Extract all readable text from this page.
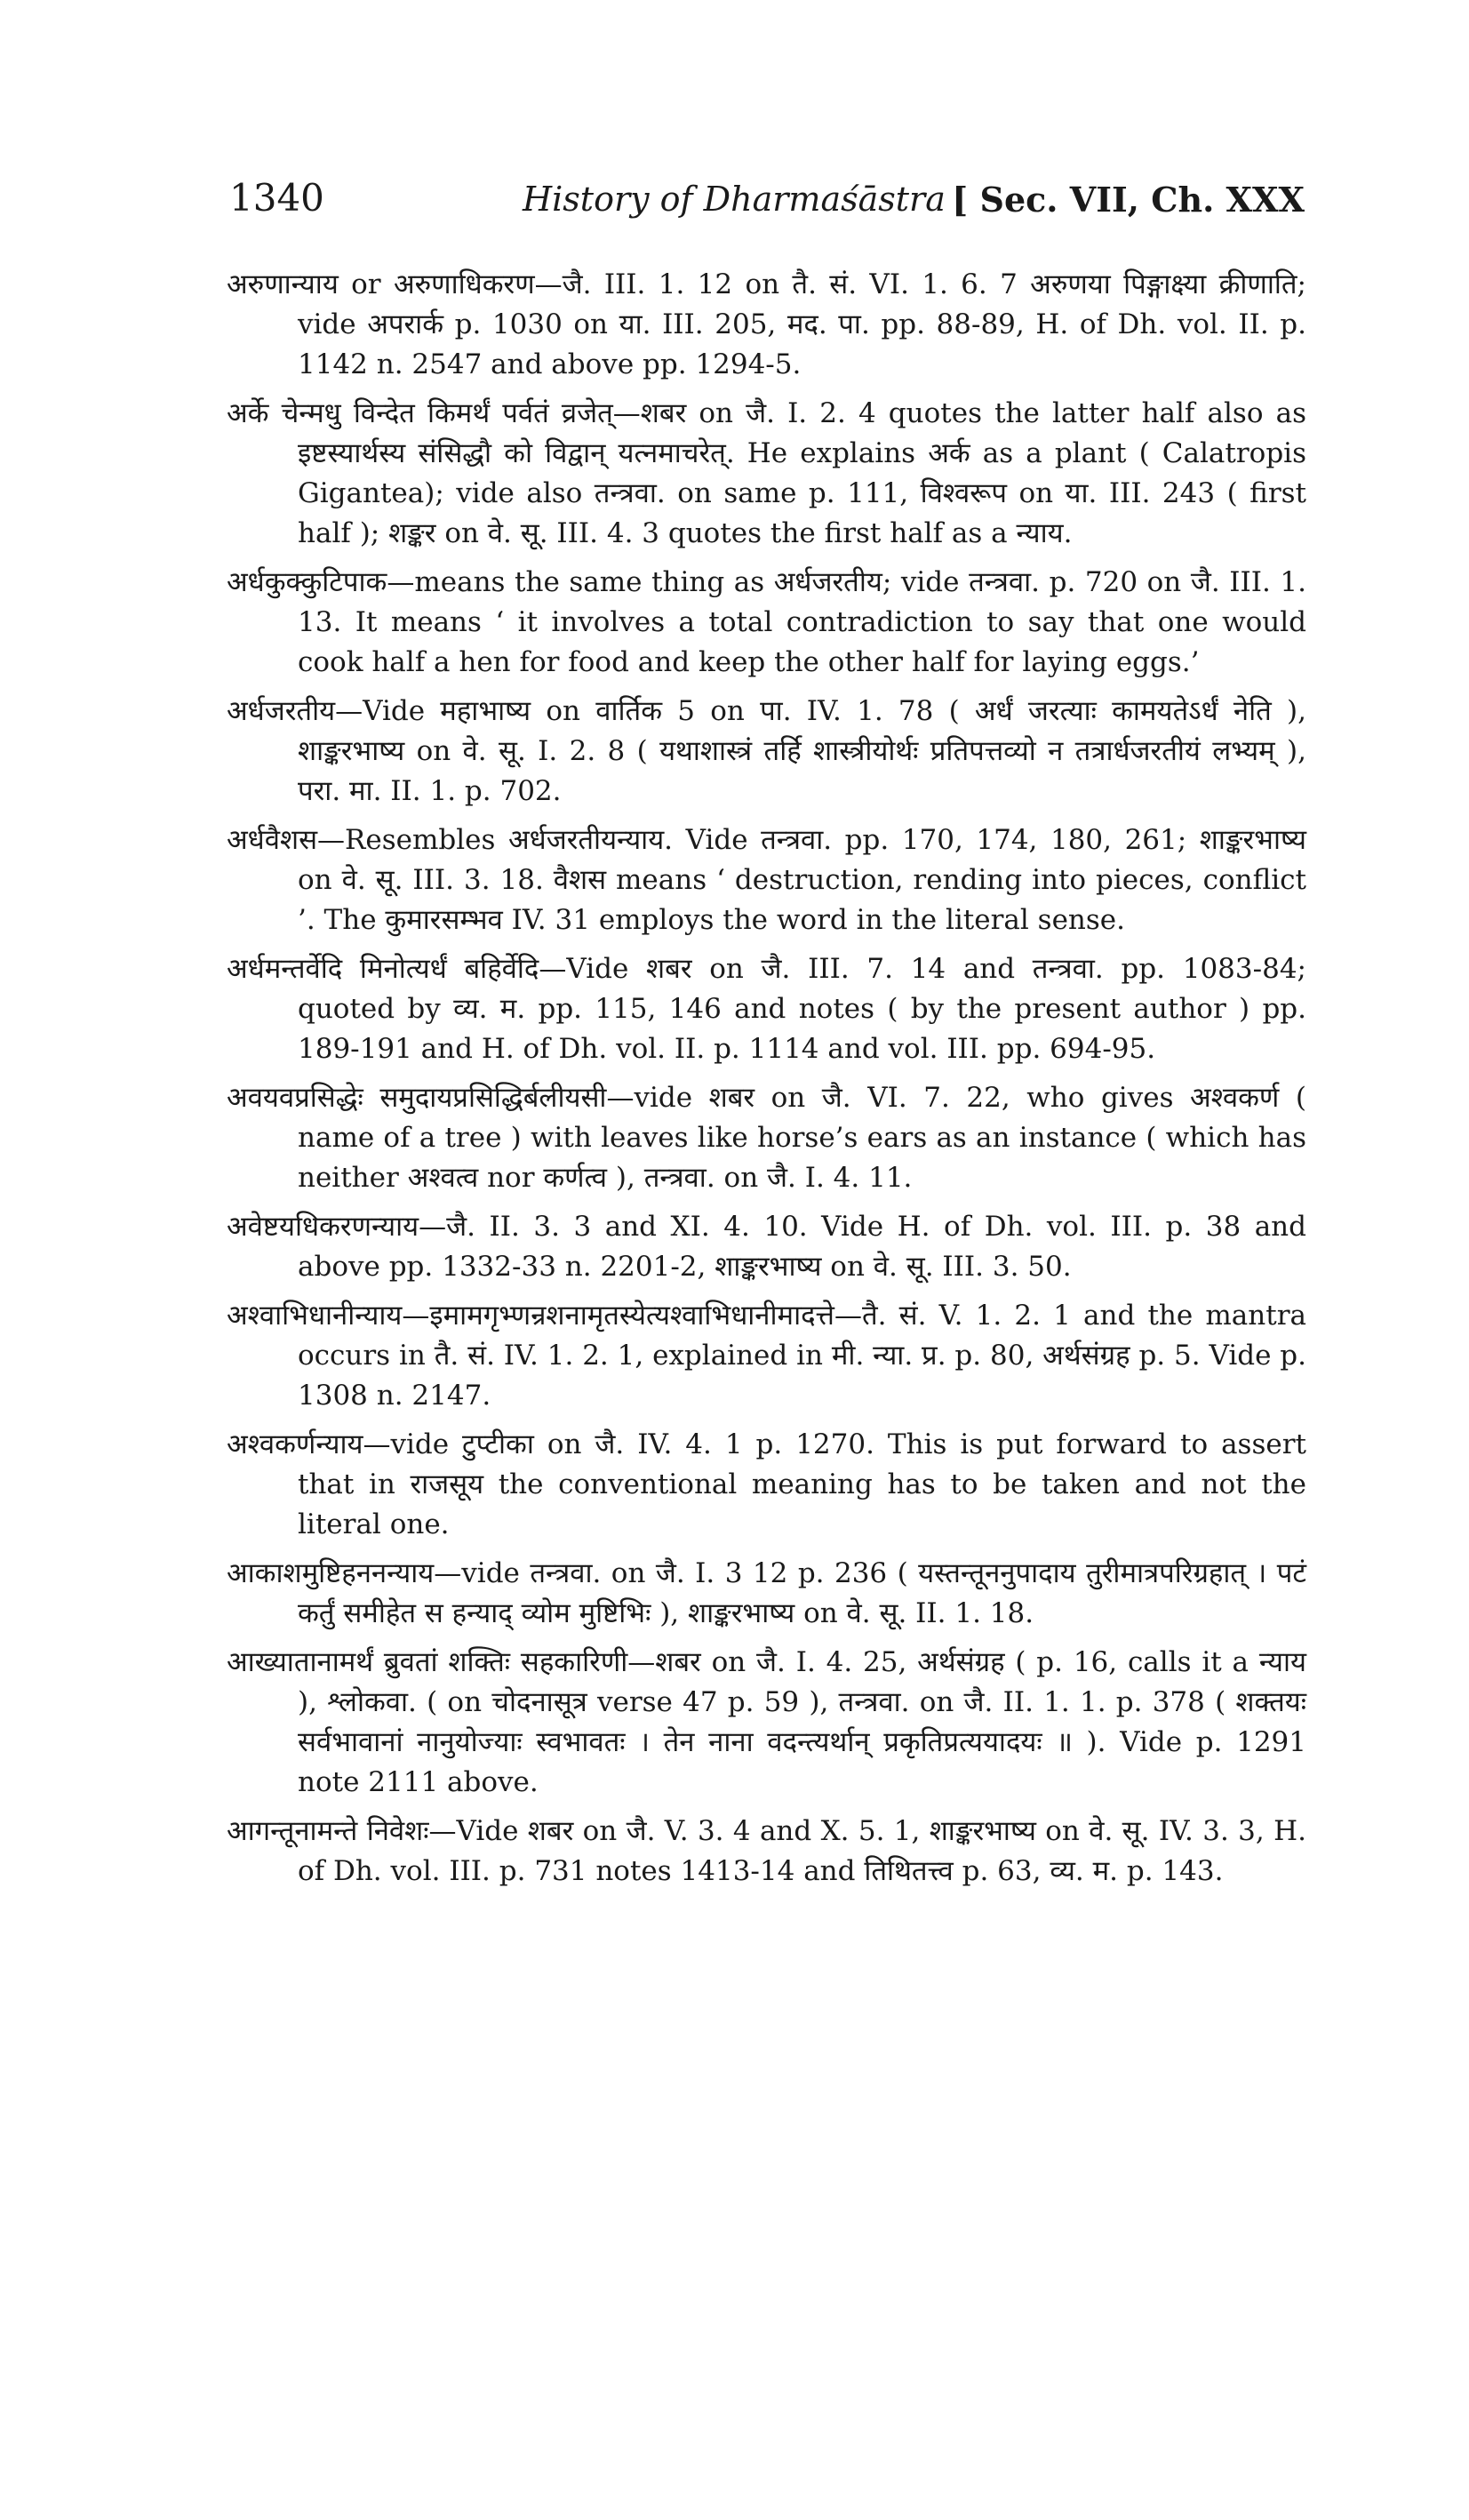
1340	History of Dharmaśāstra [ Sec. VII, Ch. XXX

अरुणान्याय or अरुणाधिकरण—जै. III. 1. 12 on तै. सं. VI. 1. 6. 7 अरुणया पिङ्गाक्ष्या क्रीणाति; vide अपरार्क p. 1030 on या. III. 205, मद. पा. pp. 88-89, H. of Dh. vol. II. p. 1142 n. 2547 and above pp. 1294-5.

अर्के चेन्मधु विन्देत किमर्थं पर्वतं व्रजेत्—शबर on जै. I. 2. 4 quotes the latter half also as इष्टस्यार्थस्य संसिद्धौ को विद्वान् यत्नमाचरेत्. He explains अर्क as a plant ( Calatropis Gigantea); vide also तन्त्रवा. on same p. 111, विश्वरूप on या. III. 243 ( first half ); शङ्कर on वे. सू. III. 4. 3 quotes the first half as a न्याय.

अर्धकुक्कुटिपाक—means the same thing as अर्धजरतीय; vide तन्त्रवा. p. 720 on जै. III. 1. 13. It means ‘ it involves a total contradiction to say that one would cook half a hen for food and keep the other half for laying eggs.’

अर्धजरतीय—Vide महाभाष्य on वार्तिक 5 on पा. IV. 1. 78 ( अर्धं जरत्याः कामयतेऽर्धं नेति ), शाङ्करभाष्य on वे. सू. I. 2. 8 ( यथाशास्त्रं तर्हि शास्त्रीयोर्थः प्रतिपत्तव्यो न तत्रार्धजरतीयं लभ्यम् ), परा. मा. II. 1. p. 702.

अर्धवैशस—Resembles अर्धजरतीयन्याय. Vide तन्त्रवा. pp. 170, 174, 180, 261; शाङ्करभाष्य on वे. सू. III. 3. 18. वैशस means ‘ destruction, rending into pieces, conflict ’. The कुमारसम्भव IV. 31 employs the word in the literal sense.

अर्धमन्तर्वेदि मिनोत्यर्धं बहिर्वेदि—Vide शबर on जै. III. 7. 14 and तन्त्रवा. pp. 1083-84; quoted by व्य. म. pp. 115, 146 and notes ( by the present author ) pp. 189-191 and H. of Dh. vol. II. p. 1114 and vol. III. pp. 694-95.

अवयवप्रसिद्धेः समुदायप्रसिद्धिर्बलीयसी—vide शबर on जै. VI. 7. 22, who gives अश्वकर्ण ( name of a tree ) with leaves like horse’s ears as an instance ( which has neither अश्वत्व nor कर्णत्व ), तन्त्रवा. on जै. I. 4. 11.

अवेष्टयधिकरणन्याय—जै. II. 3. 3 and XI. 4. 10. Vide H. of Dh. vol. III. p. 38 and above pp. 1332-33 n. 2201-2, शाङ्करभाष्य on वे. सू. III. 3. 50.

अश्वाभिधानीन्याय—इमामगृभ्णन्रशनामृतस्येत्यश्वाभिधानीमादत्ते—तै. सं. V. 1. 2. 1 and the mantra occurs in तै. सं. IV. 1. 2. 1, explained in मी. न्या. प्र. p. 80, अर्थसंग्रह p. 5. Vide p. 1308 n. 2147.

अश्वकर्णन्याय—vide टुप्टीका on जै. IV. 4. 1 p. 1270. This is put forward to assert that in राजसूय the conventional meaning has to be taken and not the literal one.

आकाशमुष्टिहननन्याय—vide तन्त्रवा. on जै. I. 3 12 p. 236 ( यस्तन्तूननुपादाय तुरीमात्रपरिग्रहात् । पटं कर्तुं समीहेत स हन्याद् व्योम मुष्टिभिः ), शाङ्करभाष्य on वे. सू. II. 1. 18.

आख्यातानामर्थं ब्रुवतां शक्तिः सहकारिणी—शबर on जै. I. 4. 25, अर्थसंग्रह ( p. 16, calls it a न्याय ), श्लोकवा. ( on चोदनासूत्र verse 47 p. 59 ), तन्त्रवा. on जै. II. 1. 1. p. 378 ( शक्तयः सर्वभावानां नानुयोज्याः स्वभावतः । तेन नाना वदन्त्यर्थान् प्रकृतिप्रत्ययादयः ॥ ). Vide p. 1291 note 2111 above.

आगन्तूनामन्ते निवेशः—Vide शबर on जै. V. 3. 4 and X. 5. 1, शाङ्करभाष्य on वे. सू. IV. 3. 3, H. of Dh. vol. III. p. 731 notes 1413-14 and तिथितत्त्व p. 63, व्य. म. p. 143.
